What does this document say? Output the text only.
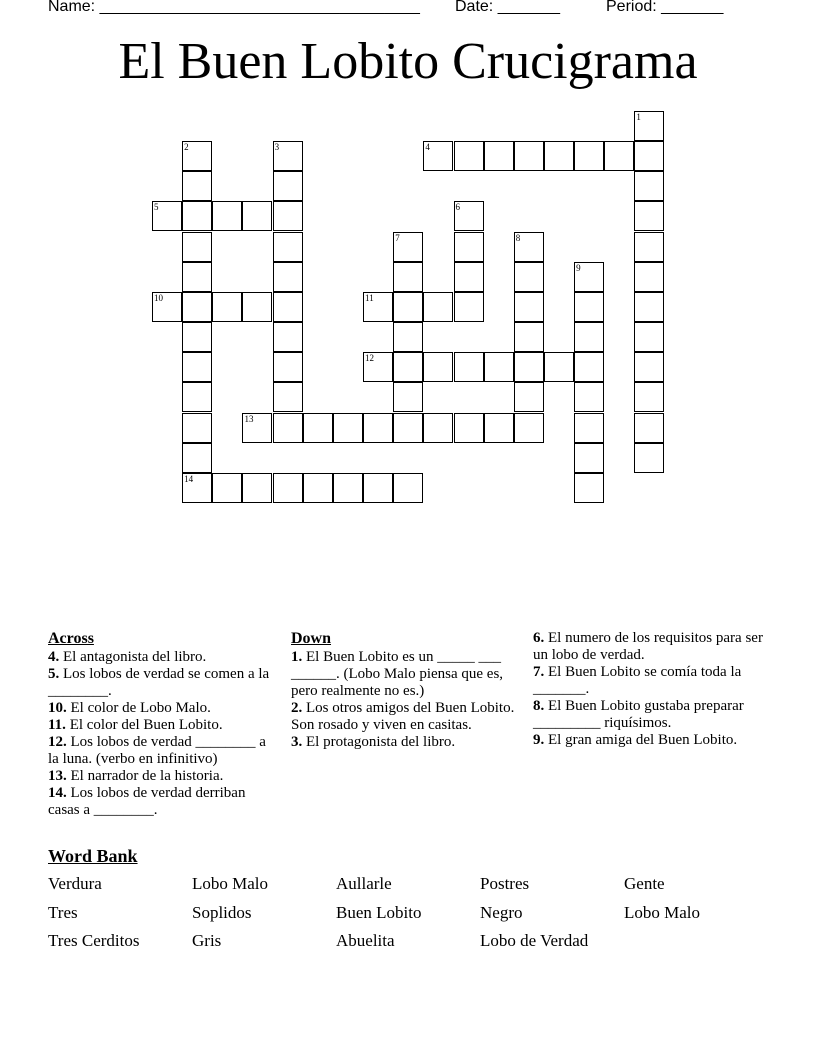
Name: ____________________________________ Date: _______	Period: _______
El Buen Lobito Crucigrama
1
2
14
3	4
5	6
7	8
9
10	11
12
13
Across
4. El antagonista del libro.
5. Los lobos de verdad se comen a la ________.
10. El color de Lobo Malo.
11. El color del Buen Lobito.
12. Los lobos de verdad ________ a la luna. (verbo en infinitivo)
13. El narrador de la historia.
14. Los lobos de verdad derriban casas a ________.
Down
1. El Buen Lobito es un _____ ___ ______. (Lobo Malo piensa que es, pero realmente no es.)
2. Los otros amigos del Buen Lobito. Son rosado y viven en casitas.
3. El protagonista del libro.
6. El numero de los requisitos para ser un lobo de verdad.
7. El Buen Lobito se comía toda la _______.
8. El Buen Lobito gustaba preparar _________ riquísimos.
9. El gran amiga del Buen Lobito.
Word Bank
Verdura	Lobo Malo	Aullarle	Postres	Gente
Tres	Soplidos	Buen Lobito	Negro	Lobo Malo
Tres Cerditos	Gris	Abuelita	Lobo de Verdad
